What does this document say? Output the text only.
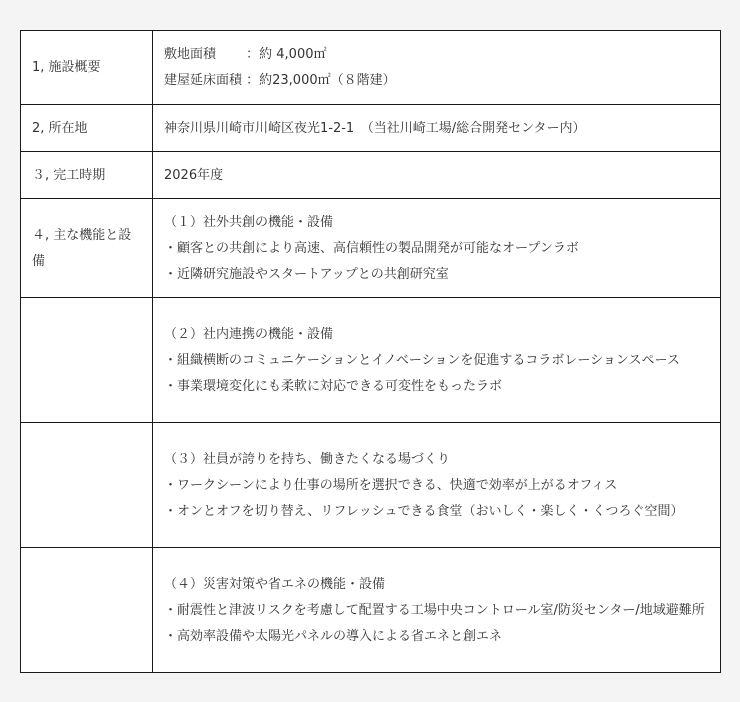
1, 施設概要	敷地面積　　 ：約 4,000㎡
建屋延床面積 ：約23,000㎡（８階建）

2, 所在地	神奈川県川崎市川崎区夜光1-2-1　（当社川崎工場/総合開発センター内）

３, 完工時期	2026年度

４, 主な機能と設備	（１）社外共創の機能・設備
・顧客との共創により高速、高信頼性の製品開発が可能なオープンラボ
・近隣研究施設やスタートアップとの共創研究室

	（２）社内連携の機能・設備
・組織横断のコミュニケーションとイノベーションを促進するコラボレーションスペース
・事業環境変化にも柔軟に対応できる可変性をもったラボ

	（３）社員が誇りを持ち、働きたくなる場づくり
・ワークシーンにより仕事の場所を選択できる、快適で効率が上がるオフィス
・オンとオフを切り替え、リフレッシュできる食堂（おいしく・楽しく・くつろぐ空間）

	（４）災害対策や省エネの機能・設備
・耐震性と津波リスクを考慮して配置する工場中央コントロール室/防災センター/地域避難所
・高効率設備や太陽光パネルの導入による省エネと創エネ
